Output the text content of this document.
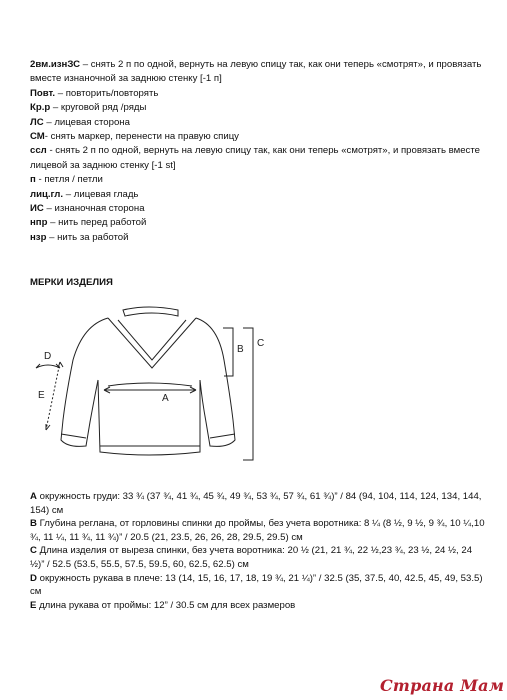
2вм.изнЗС – снять 2 п по одной, вернуть на левую спицу так, как они теперь «смотрят», и провязать вместе изнаночной за заднюю стенку [-1 п]

Повт. – повторить/повторять

Кр.р – круговой ряд /ряды

ЛС – лицевая сторона

СМ- снять маркер, перенести на правую спицу

ссл - снять 2 п по одной, вернуть на левую спицу так, как они теперь «смотрят», и провязать вместе лицевой за заднюю стенку [-1 st]

п - петля / петли

лиц.гл. – лицевая гладь

ИС – изнаночная сторона

нпр – нить перед работой

нзр – нить за работой

МЕРКИ ИЗДЕЛИЯ
A
B
C
D
E

A окружность груди: 33 ¾ (37 ¾, 41 ¾, 45 ¾, 49 ¾, 53 ¾, 57 ¾, 61 ¾)” / 84 (94, 104, 114, 124, 134, 144, 154) см

B Глубина реглана, от горловины спинки до проймы, без учета воротника: 8 ¼ (8 ½, 9 ½, 9 ¾, 10 ¼,10 ¾, 11 ¼, 11 ¾, 11 ¾)” / 20.5 (21, 23.5, 26, 26, 28, 29.5, 29.5) см

C Длина изделия от выреза спинки, без учета воротника: 20 ½ (21, 21 ¾, 22 ½,23 ¾, 23 ½, 24 ½, 24 ½)” / 52.5 (53.5, 55.5, 57.5, 59.5, 60, 62.5, 62.5) см

D окружность рукава в плече: 13 (14, 15, 16, 17, 18, 19 ¾, 21 ¼)” / 32.5 (35, 37.5, 40, 42.5, 45, 49, 53.5) см

E длина рукава от проймы: 12” / 30.5 см для всех размеров

Страна Мам
